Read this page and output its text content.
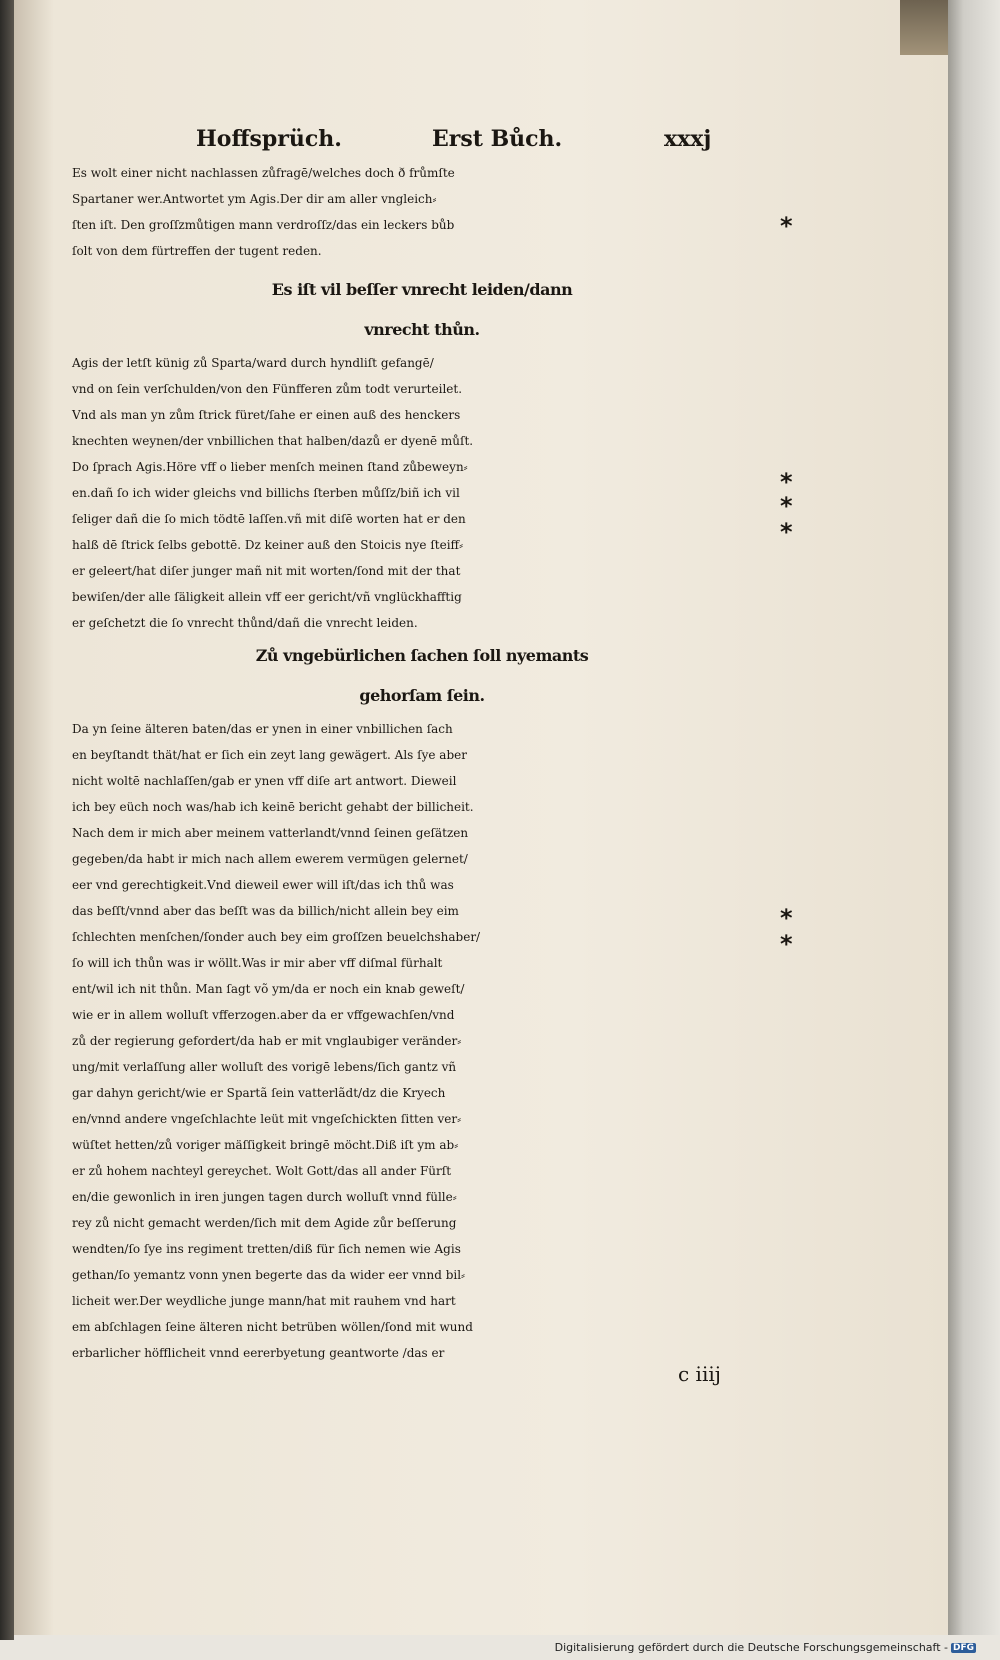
Hoffsprüch.	Erst Bůch.	xxxj
Es wolt einer nicht nachlassen zůfragē/welches doch ð frůmſte
Spartaner wer.Antwortet ym Agis.Der dir am aller vngleich⸗
ſten iſt. Den groſſzmůtigen mann verdroſſz/das ein leckers bůb
ſolt von dem fürtreffen der tugent reden.
Es iſt vil beſſer vnrecht leiden/dann
vnrecht thůn.
Agis der letſt künig zů Sparta/ward durch hyndliſt gefangē/
vnd on ſein verſchulden/von den Fünfferen zům todt verurteilet.
Vnd als man yn zům ſtrick füret/ſahe er einen auß des henckers
knechten weynen/der vnbillichen that halben/dazů er dyenē můſt.
Do ſprach Agis.Höre vff o lieber menſch meinen ſtand zůbeweyn⸗
en.dañ ſo ich wider gleichs vnd billichs ſterben můſſz/biñ ich vil
ſeliger dañ die ſo mich tödtē laſſen.vñ mit diſē worten hat er den
halß dē ſtrick ſelbs gebottē. Dz keiner auß den Stoicis nye ſteiff⸗
er geleert/hat diſer junger mañ nit mit worten/ſond mit der that
bewiſen/der alle ſäligkeit allein vff eer gericht/vñ vnglückhafftig
er geſchetzt die ſo vnrecht thůnd/dañ die vnrecht leiden.
Zů vngebürlichen ſachen ſoll nyemants
gehorſam ſein.
Da yn ſeine älteren baten/das er ynen in einer vnbillichen ſach
en beyſtandt thät/hat er ſich ein zeyt lang gewägert. Als ſye aber
nicht woltē nachlaſſen/gab er ynen vff diſe art antwort. Dieweil
ich bey eüch noch was/hab ich keinē bericht gehabt der billicheit.
Nach dem ir mich aber meinem vatterlandt/vnnd ſeinen geſätzen
gegeben/da habt ir mich nach allem ewerem vermügen gelernet/
eer vnd gerechtigkeit.Vnd dieweil ewer will iſt/das ich thů was
das beſſt/vnnd aber das beſſt was da billich/nicht allein bey eim
ſchlechten menſchen/ſonder auch bey eim groſſzen beuelchshaber/
ſo will ich thůn was ir wöllt.Was ir mir aber vff diſmal fürhalt
ent/wil ich nit thůn. Man ſagt võ ym/da er noch ein knab geweſt/
wie er in allem wolluſt vfferzogen.aber da er vffgewachſen/vnd
zů der regierung gefordert/da hab er mit vnglaubiger veränder⸗
ung/mit verlaſſung aller wolluſt des vorigē lebens/ſich gantz vñ
gar dahyn gericht/wie er Spartã ſein vatterlãdt/dz die Kryech
en/vnnd andere vngeſchlachte leüt mit vngeſchickten ſitten ver⸗
wüſtet hetten/zů voriger mäſſigkeit bringē möcht.Diß iſt ym ab⸗
er zů hohem nachteyl gereychet. Wolt Gott/das all ander Fürſt
en/die gewonlich in iren jungen tagen durch wolluſt vnnd fülle⸗
rey zů nicht gemacht werden/ſich mit dem Agide zůr beſſerung
wendten/ſo ſye ins regiment tretten/diß für ſich nemen wie Agis
gethan/ſo yemantz vonn ynen begerte das da wider eer vnnd bil⸗
licheit wer.Der weydliche junge mann/hat mit rauhem vnd hart
em abſchlagen ſeine älteren nicht betrüben wöllen/ſond mit wund
erbarlicher höfflicheit vnnd eererbyetung geantworte /das er
*
*
*
*
*
*
c iiij
Digitalisierung gefördert durch die Deutsche Forschungsgemeinschaft - DFG
